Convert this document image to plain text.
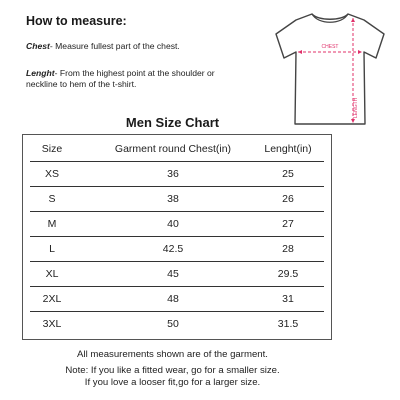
How to measure:
Chest- Measure fullest part of the chest.
Lenght- From the highest point at the shoulder or neckline to hem of the t-shirt.
CHEST
LENGTH
Men Size Chart
Size	Garment round Chest(in)	Lenght(in)
XS	36	25
S	38	26
M	40	27
L	42.5	28
XL	45	29.5
2XL	48	31
3XL	50	31.5
All measurements shown are of the garment.
Note: If you like a fitted wear, go for a smaller size.
If you love a looser fit,go for a larger size.
